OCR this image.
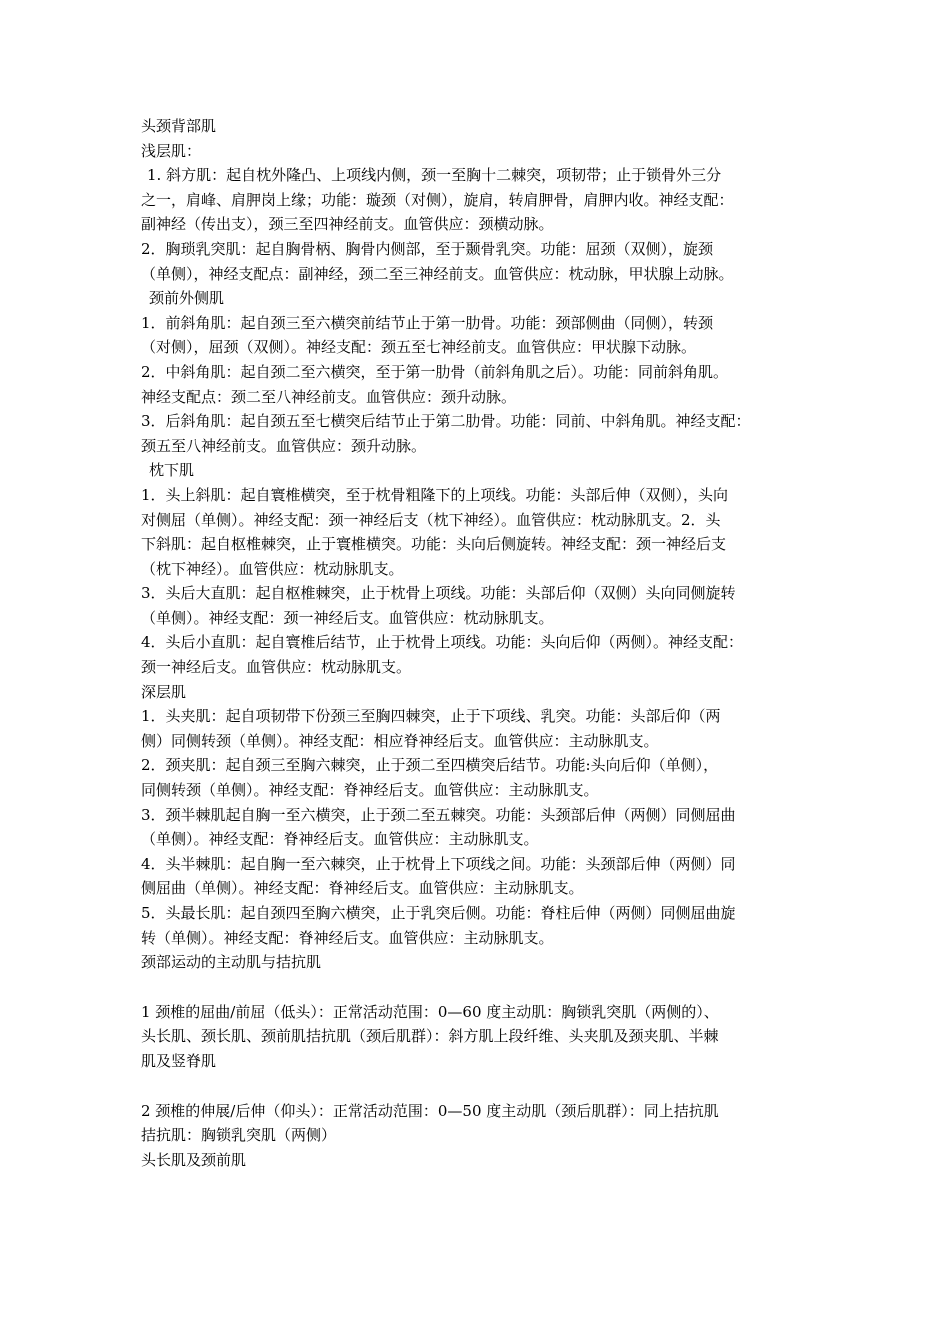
头颈背部肌

浅层肌：

1. 斜方肌：起自枕外隆凸、上项线内侧，颈一至胸十二棘突，项韧带；止于锁骨外三分

之一，肩峰、肩胛岗上缘；功能：璇颈（对侧），旋肩，转肩胛骨，肩胛内收。神经支配：

副神经（传出支），颈三至四神经前支。血管供应：颈横动脉。

2．胸琐乳突肌：起自胸骨柄、胸骨内侧部，至于颞骨乳突。功能：屈颈（双侧），旋颈

（单侧），神经支配点：副神经，颈二至三神经前支。血管供应：枕动脉，甲状腺上动脉。

颈前外侧肌

1．前斜角肌：起自颈三至六横突前结节止于第一肋骨。功能：颈部侧曲（同侧），转颈

（对侧），屈颈（双侧）。神经支配：颈五至七神经前支。血管供应：甲状腺下动脉。

2．中斜角肌：起自颈二至六横突，至于第一肋骨（前斜角肌之后）。功能：同前斜角肌。

神经支配点：颈二至八神经前支。血管供应：颈升动脉。

3．后斜角肌：起自颈五至七横突后结节止于第二肋骨。功能：同前、中斜角肌。神经支配：

颈五至八神经前支。血管供应：颈升动脉。

枕下肌

1．头上斜肌：起自寰椎横突，至于枕骨粗隆下的上项线。功能：头部后伸（双侧），头向

对侧屈（单侧）。神经支配：颈一神经后支（枕下神经）。血管供应：枕动脉肌支。2．头

下斜肌：起自枢椎棘突，止于寰椎横突。功能：头向后侧旋转。神经支配：颈一神经后支

（枕下神经）。血管供应：枕动脉肌支。

3．头后大直肌：起自枢椎棘突，止于枕骨上项线。功能：头部后仰（双侧）头向同侧旋转

（单侧）。神经支配：颈一神经后支。血管供应：枕动脉肌支。

4．头后小直肌：起自寰椎后结节，止于枕骨上项线。功能：头向后仰（两侧）。神经支配：

颈一神经后支。血管供应：枕动脉肌支。

深层肌

1．头夹肌：起自项韧带下份颈三至胸四棘突，止于下项线、乳突。功能：头部后仰（两

侧）同侧转颈（单侧）。神经支配：相应脊神经后支。血管供应：主动脉肌支。

2．颈夹肌：起自颈三至胸六棘突，止于颈二至四横突后结节。功能:头向后仰（单侧），

同侧转颈（单侧）。神经支配：脊神经后支。血管供应：主动脉肌支。

3．颈半棘肌起自胸一至六横突，止于颈二至五棘突。功能：头颈部后伸（两侧）同侧屈曲

（单侧）。神经支配：脊神经后支。血管供应：主动脉肌支。

4．头半棘肌：起自胸一至六棘突，止于枕骨上下项线之间。功能：头颈部后伸（两侧）同

侧屈曲（单侧）。神经支配：脊神经后支。血管供应：主动脉肌支。

5．头最长肌：起自颈四至胸六横突，止于乳突后侧。功能：脊柱后伸（两侧）同侧屈曲旋

转（单侧）。神经支配：脊神经后支。血管供应：主动脉肌支。

颈部运动的主动肌与拮抗肌

1 颈椎的屈曲/前屈（低头）：正常活动范围：0—60 度主动肌：胸锁乳突肌（两侧的）、

头长肌、颈长肌、颈前肌拮抗肌（颈后肌群）：斜方肌上段纤维、头夹肌及颈夹肌、半棘

肌及竖脊肌

2 颈椎的伸展/后伸（仰头）：正常活动范围：0—50 度主动肌（颈后肌群）：同上拮抗肌

拮抗肌：胸锁乳突肌（两侧）

头长肌及颈前肌
